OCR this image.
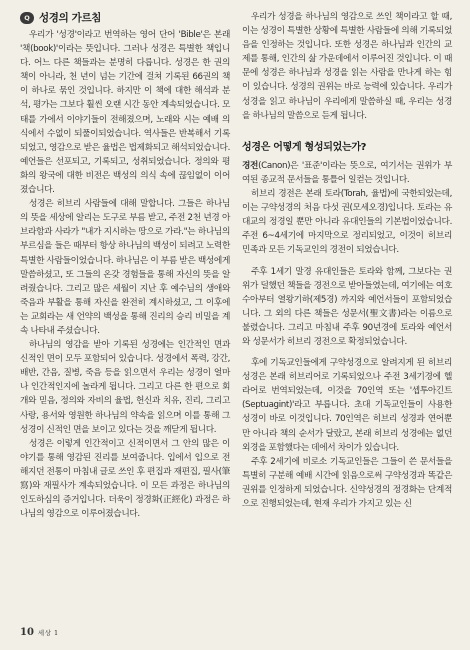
Q 성경의 가르침

우리가 '성경'이라고 번역하는 영어 단어 'Bible'은 본래 '책(book)'이라는 뜻입니다. 그러나 성경은 특별한 책입니다. 어느 다른 책들과는 분명히 다릅니다. 성경은 한 권의 책이 아니라, 천 년이 넘는 기간에 걸쳐 기록된 66권의 책이 하나로 묶인 것입니다. 하지만 이 책에 대한 해석과 분석, 평가는 그보다 훨씬 오랜 시간 동안 계속되었습니다. 모태를 가에서 이야기들이 전해졌으며, 노래와 시는 예배 의식에서 수없이 되풀이되었습니다. 역사들은 반복해서 기록되었고, 영감으로 받은 율법은 법제화되고 해석되었습니다. 예언들은 선포되고, 기록되고, 성취되었습니다. 정의와 평화의 왕국에 대한 비전은 백성의 의식 속에 끊임없이 이어졌습니다.

성경은 히브리 사람들에 대해 말합니다. 그들은 하나님의 뜻을 세상에 알리는 도구로 부름 받고, 주전 2천 년경 아브라함과 사라가 "내가 지시하는 땅으로 가라."는 하나님의 부르심을 들은 때부터 항상 하나님의 백성이 되려고 노력한 특별한 사람들이었습니다. 하나님은 이 부름 받은 백성에게 말씀하셨고, 또 그들의 온갖 경험들을 통해 자신의 뜻을 알려줬습니다. 그리고 많은 세월이 지난 후 예수님의 생애와 죽음과 부활을 통해 자신을 완전히 계시하셨고, 그 이후에는 교회라는 새 언약의 백성을 통해 진리의 승리 비밀을 계속 나타내 주셨습니다.

하나님의 영감을 받아 기록된 성경에는 인간적인 면과 신적인 면이 모두 포함되어 있습니다. 성경에서 폭력, 강간, 배반, 간음, 질병, 죽음 등을 읽으면서 우리는 성경이 얼마나 인간적인지에 놀라게 됩니다. 그리고 다른 한 편으로 회개와 믿음, 정의와 자비의 율법, 헌신과 치유, 진리, 그리고 사랑, 용서와 영원한 하나님의 약속을 읽으며 이를 통해 그 성경이 신적인 면을 보이고 있다는 것을 깨닫게 됩니다.

성경은 이렇게 인간적이고 신적이면서 그 안의 많은 이야기를 통해 영감된 진리를 보여줍니다. 입에서 입으로 전해지던 전통이 마침내 글로 쓰인 후 편집과 재편집, 필사(筆寫)와 재필사가 계속되었습니다. 이 모든 과정은 하나님의 인도하심의 증거입니다. 더욱이 정경화(正經化) 과정은 하나님의 영감으로 이루어졌습니다.

우리가 성경을 하나님의 영감으로 쓰인 책이라고 할 때, 이는 성경이 특별한 상황에 특별한 사람들에 의해 기록되었음을 인정하는 것입니다. 또한 성경은 하나님과 인간의 교제를 통해, 인간의 삶 가운데에서 이루어진 것입니다. 이 때문에 성경은 하나님과 성경을 읽는 사람을 만나게 하는 힘이 있습니다. 성경의 권위는 바로 능력에 있습니다. 우리가 성경을 읽고 하나님이 우리에게 말씀하실 때, 우리는 성경을 하나님의 말씀으로 듣게 됩니다.

성경은 어떻게 형성되었는가?

경전(Canon)은 '표준'이라는 뜻으로, 여기서는 권위가 부여된 종교적 문서들을 통틀어 일컫는 것입니다.

히브리 경전은 본래 토라(Torah, 율법)에 국한되었는데, 이는 구약성경의 처음 다섯 권(모세오경)입니다. 토라는 유대교의 정경일 뿐만 아니라 유대인들의 기본법이었습니다. 주전 6~4세기에 마지막으로 정리되었고, 이것이 히브리 민족과 모든 기독교인의 경전이 되었습니다.

주후 1세기 말경 유대인들은 토라와 함께, 그보다는 권위가 덜했던 책들을 경전으로 받아들였는데, 여기에는 여호수아부터 열왕기하(제5경) 까지와 예언서들이 포함되었습니다. 그 외의 다른 책들은 성문서(聖文書)라는 이름으로 불렸습니다. 그리고 마침내 주후 90년경에 토라와 예언서와 성문서가 히브리 경전으로 확정되었습니다.

후에 기독교인들에게 구약성경으로 알려지게 된 히브리 성경은 본래 히브리어로 기록되었으나 주전 3세기경에 헬라어로 번역되었는데, 이것을 70인역 또는 '셉투아긴트(Septuagint)'라고 부릅니다. 초대 기독교인들이 사용한 성경이 바로 이것입니다. 70인역은 히브리 성경과 연어뿐만 아니라 책의 순서가 달랐고, 본래 히브리 성경에는 없던 외경을 포함했다는 데에서 차이가 있습니다.

주후 2세기에 비로소 기독교인들은 그들이 쓴 문서들을 특별히 구분해 예배 시간에 읽음으로써 구약성경과 똑같은 권위를 인정하게 되었습니다. 신약성경의 정경화는 단계적으로 진행되었는데, 현재 우리가 가지고 있는 신

10 세상 1
